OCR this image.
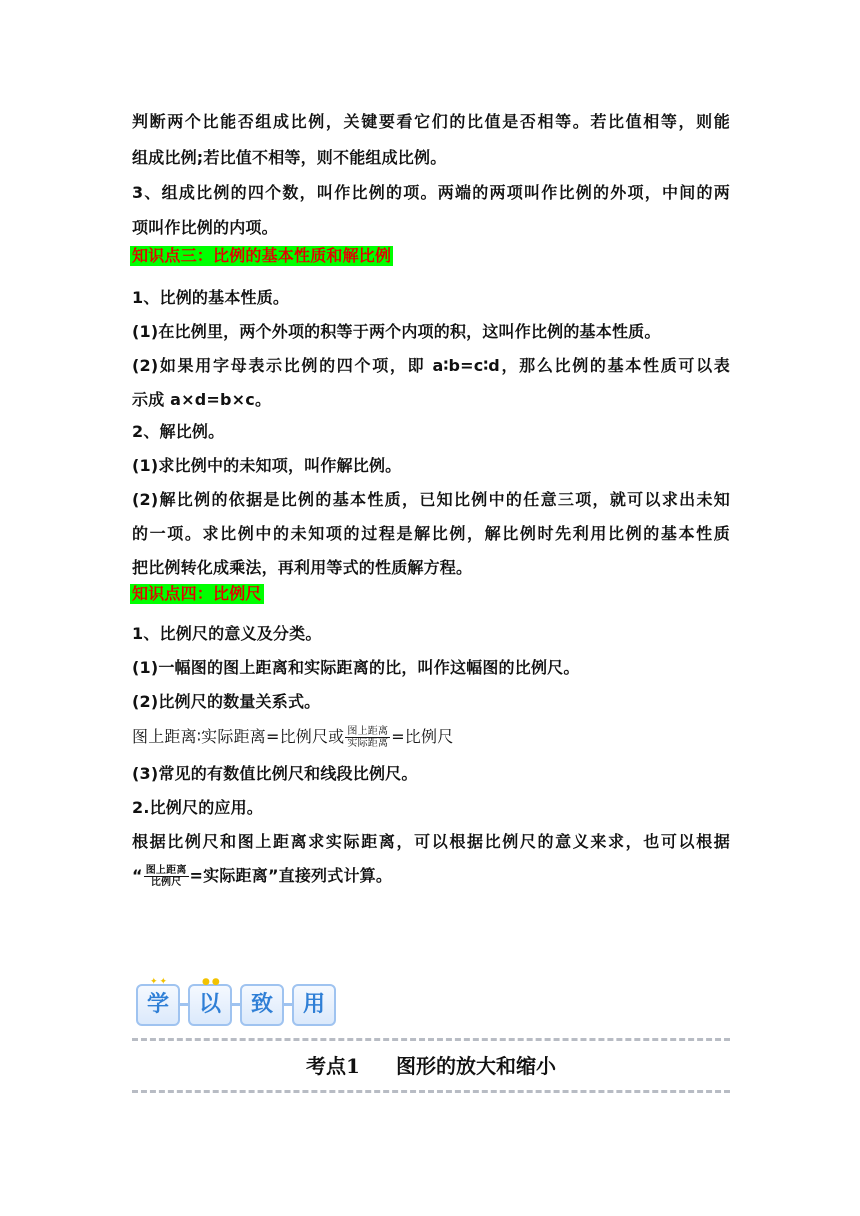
判断两个比能否组成比例，关键要看它们的比值是否相等。若比值相等，则能

组成比例;若比值不相等，则不能组成比例。

3、组成比例的四个数，叫作比例的项。两端的两项叫作比例的外项，中间的两

项叫作比例的内项。

知识点三：比例的基本性质和解比例

1、比例的基本性质。

(1)在比例里，两个外项的积等于两个内项的积，这叫作比例的基本性质。

(2)如果用字母表示比例的四个项，即 a∶b=c∶d，那么比例的基本性质可以表

示成 a×d=b×c。

2、解比例。

(1)求比例中的未知项，叫作解比例。

(2)解比例的依据是比例的基本性质，已知比例中的任意三项，就可以求出未知

的一项。求比例中的未知项的过程是解比例，解比例时先利用比例的基本性质

把比例转化成乘法，再利用等式的性质解方程。

知识点四：比例尺

1、比例尺的意义及分类。

(1)一幅图的图上距离和实际距离的比，叫作这幅图的比例尺。

(2)比例尺的数量关系式。

图上距离∶实际距离=比例尺或 $\frac{\text{图上距离}}{\text{实际距离}}$ =比例尺

(3)常见的有数值比例尺和线段比例尺。

2.比例尺的应用。

根据比例尺和图上距离求实际距离，可以根据比例尺的意义来求，也可以根据

“ $\frac{\text{图上距离}}{\text{比例尺}}$ =实际距离”直接列式计算。

✦✦
学
●●
以	致	用
考点1 图形的放大和缩小
